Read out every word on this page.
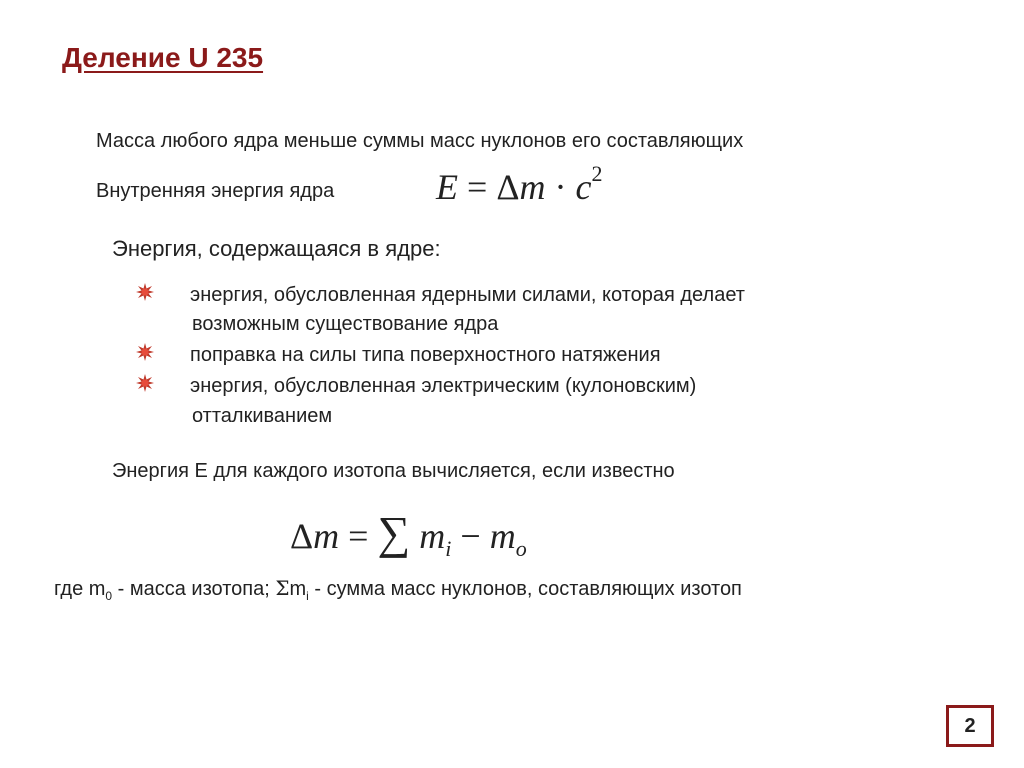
Деление U 235
Масса любого ядра меньше суммы масс нуклонов его составляющих
Внутренняя энергия ядра	$E = \Delta m \cdot c^2$
Энергия, содержащаяся в ядре:
энергия, обусловленная ядерными силами, которая делает
возможным существование ядра
поправка на силы типа поверхностного натяжения
энергия, обусловленная электрическим (кулоновским)
отталкиванием
Энергия Е для каждого изотопа вычисляется, если известно
Δm = ∑ $m_i - m_o$
где $m_0$ - масса изотопа; $\Sigma m_i$ - сумма масс нуклонов, составляющих изотоп
2
